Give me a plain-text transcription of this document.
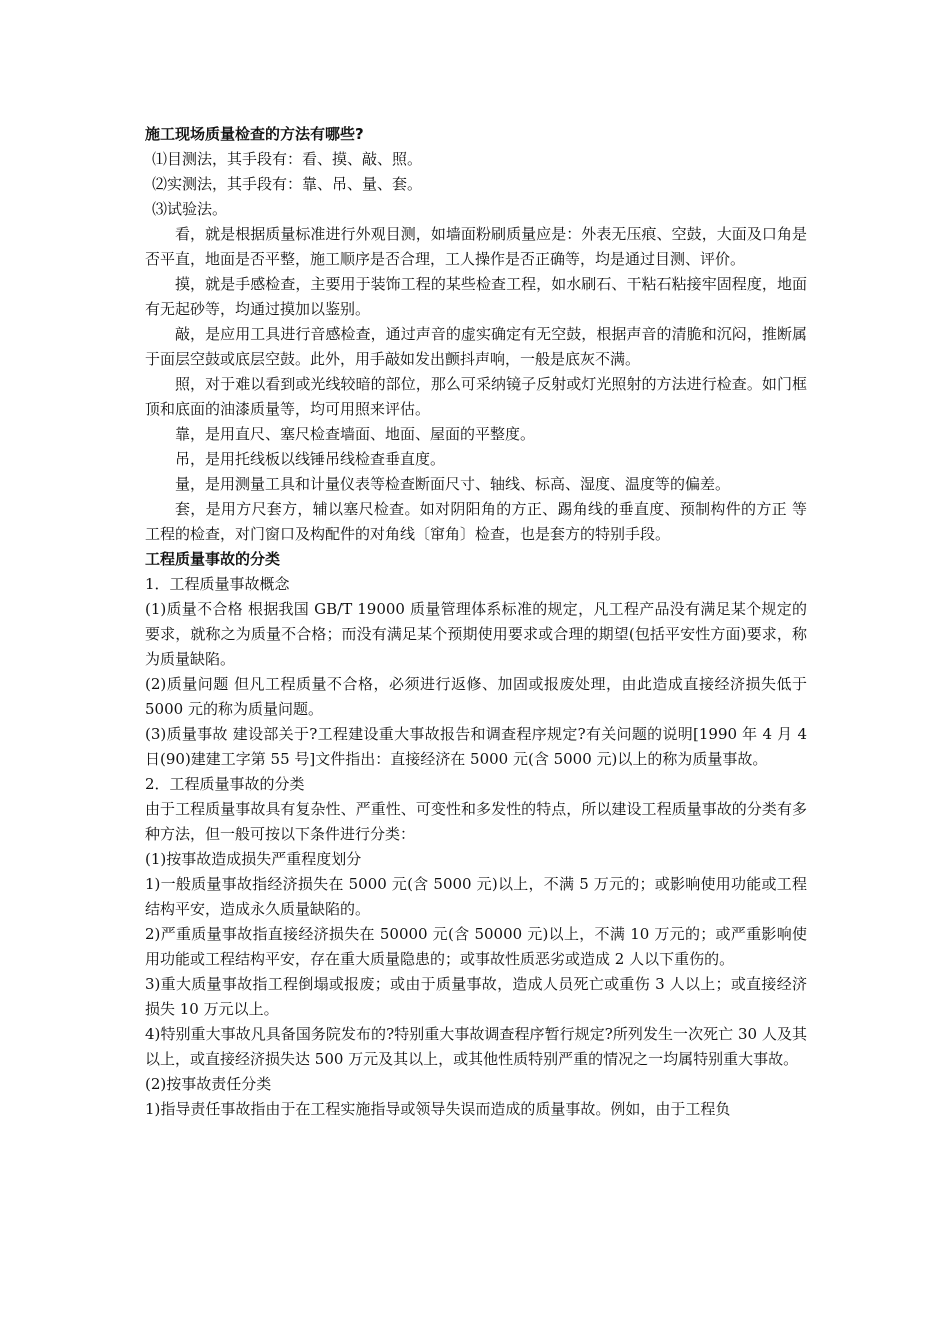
施工现场质量检查的方法有哪些?

⑴目测法，其手段有：看、摸、敲、照。

⑵实测法，其手段有：靠、吊、量、套。

⑶试验法。

看，就是根据质量标准进行外观目测，如墙面粉刷质量应是：外表无压痕、空鼓，大面及口角是否平直，地面是否平整，施工顺序是否合理，工人操作是否正确等，均是通过目测、评价。

摸，就是手感检查，主要用于装饰工程的某些检查工程，如水刷石、干粘石粘接牢固程度，地面有无起砂等，均通过摸加以鉴别。

敲，是应用工具进行音感检查，通过声音的虚实确定有无空鼓，根据声音的清脆和沉闷，推断属于面层空鼓或底层空鼓。此外，用手敲如发出颤抖声响，一般是底灰不满。

照，对于难以看到或光线较暗的部位，那么可采纳镜子反射或灯光照射的方法进行检查。如门框顶和底面的油漆质量等，均可用照来评估。

靠，是用直尺、塞尺检查墙面、地面、屋面的平整度。

吊，是用托线板以线锤吊线检查垂直度。

量，是用测量工具和计量仪表等检查断面尺寸、轴线、标高、湿度、温度等的偏差。

套，是用方尺套方，辅以塞尺检查。如对阴阳角的方正、踢角线的垂直度、预制构件的方正 等工程的检查，对门窗口及构配件的对角线〔窜角〕检查，也是套方的特别手段。

工程质量事故的分类

1．工程质量事故概念

(1)质量不合格 根据我国 GB/T 19000 质量管理体系标准的规定，凡工程产品没有满足某个规定的要求，就称之为质量不合格；而没有满足某个预期使用要求或合理的期望(包括平安性方面)要求，称为质量缺陷。

(2)质量问题 但凡工程质量不合格，必须进行返修、加固或报废处理，由此造成直接经济损失低于 5000 元的称为质量问题。

(3)质量事故 建设部关于?工程建设重大事故报告和调查程序规定?有关问题的说明[1990 年 4 月 4 日(90)建建工字第 55 号]文件指出：直接经济在 5000 元(含 5000 元)以上的称为质量事故。

2．工程质量事故的分类

由于工程质量事故具有复杂性、严重性、可变性和多发性的特点，所以建设工程质量事故的分类有多种方法，但一般可按以下条件进行分类：

(1)按事故造成损失严重程度划分

1)一般质量事故指经济损失在 5000 元(含 5000 元)以上，不满 5 万元的；或影响使用功能或工程结构平安，造成永久质量缺陷的。

2)严重质量事故指直接经济损失在 50000 元(含 50000 元)以上，不满 10 万元的；或严重影响使用功能或工程结构平安，存在重大质量隐患的；或事故性质恶劣或造成 2 人以下重伤的。

3)重大质量事故指工程倒塌或报废；或由于质量事故，造成人员死亡或重伤 3 人以上；或直接经济损失 10 万元以上。

4)特别重大事故凡具备国务院发布的?特别重大事故调查程序暂行规定?所列发生一次死亡 30 人及其以上，或直接经济损失达 500 万元及其以上，或其他性质特别严重的情况之一均属特别重大事故。

(2)按事故责任分类

1)指导责任事故指由于在工程实施指导或领导失误而造成的质量事故。例如，由于工程负
